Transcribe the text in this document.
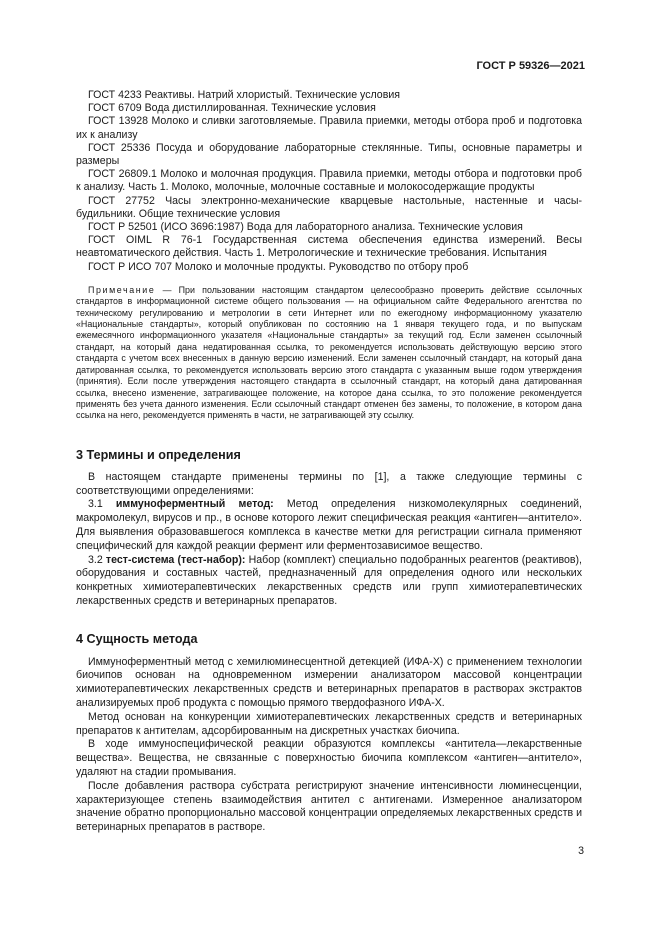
ГОСТ Р 59326—2021

ГОСТ 4233 Реактивы. Натрий хлористый. Технические условия

ГОСТ 6709 Вода дистиллированная. Технические условия

ГОСТ 13928 Молоко и сливки заготовляемые. Правила приемки, методы отбора проб и подготовка их к анализу

ГОСТ 25336 Посуда и оборудование лабораторные стеклянные. Типы, основные параметры и размеры

ГОСТ 26809.1 Молоко и молочная продукция. Правила приемки, методы отбора и подготовки проб к анализу. Часть 1. Молоко, молочные, молочные составные и молокосодержащие продукты

ГОСТ 27752 Часы электронно-механические кварцевые настольные, настенные и часы-будильники. Общие технические условия

ГОСТ Р 52501 (ИСО 3696:1987) Вода для лабораторного анализа. Технические условия

ГОСТ OIML R 76-1 Государственная система обеспечения единства измерений. Весы неавтоматического действия. Часть 1. Метрологические и технические требования. Испытания

ГОСТ Р ИСО 707 Молоко и молочные продукты. Руководство по отбору проб

Примечание — При пользовании настоящим стандартом целесообразно проверить действие ссылочных стандартов в информационной системе общего пользования — на официальном сайте Федерального агентства по техническому регулированию и метрологии в сети Интернет или по ежегодному информационному указателю «Национальные стандарты», который опубликован по состоянию на 1 января текущего года, и по выпускам ежемесячного информационного указателя «Национальные стандарты» за текущий год. Если заменен ссылочный стандарт, на который дана недатированная ссылка, то рекомендуется использовать действующую версию этого стандарта с учетом всех внесенных в данную версию изменений. Если заменен ссылочный стандарт, на который дана датированная ссылка, то рекомендуется использовать версию этого стандарта с указанным выше годом утверждения (принятия). Если после утверждения настоящего стандарта в ссылочный стандарт, на который дана датированная ссылка, внесено изменение, затрагивающее положение, на которое дана ссылка, то это положение рекомендуется применять без учета данного изменения. Если ссылочный стандарт отменен без замены, то положение, в котором дана ссылка на него, рекомендуется применять в части, не затрагивающей эту ссылку.

3 Термины и определения

В настоящем стандарте применены термины по [1], а также следующие термины с соответствующими определениями:

3.1 иммуноферментный метод: Метод определения низкомолекулярных соединений, макромолекул, вирусов и пр., в основе которого лежит специфическая реакция «антиген—антитело». Для выявления образовавшегося комплекса в качестве метки для регистрации сигнала применяют специфический для каждой реакции фермент или ферментозависимое вещество.

3.2 тест-система (тест-набор): Набор (комплект) специально подобранных реагентов (реактивов), оборудования и составных частей, предназначенный для определения одного или нескольких конкретных химиотерапевтических лекарственных средств или групп химиотерапевтических лекарственных средств и ветеринарных препаратов.

4 Сущность метода

Иммуноферментный метод с хемилюминесцентной детекцией (ИФА-Х) с применением технологии биочипов основан на одновременном измерении анализатором массовой концентрации химиотерапевтических лекарственных средств и ветеринарных препаратов в растворах экстрактов анализируемых проб продукта с помощью прямого твердофазного ИФА-Х.

Метод основан на конкуренции химиотерапевтических лекарственных средств и ветеринарных препаратов к антителам, адсорбированным на дискретных участках биочипа.

В ходе иммуноспецифической реакции образуются комплексы «антитела—лекарственные вещества». Вещества, не связанные с поверхностью биочипа комплексом «антиген—антитело», удаляют на стадии промывания.

После добавления раствора субстрата регистрируют значение интенсивности люминесценции, характеризующее степень взаимодействия антител с антигенами. Измеренное анализатором значение обратно пропорционально массовой концентрации определяемых лекарственных средств и ветеринарных препаратов в растворе.

3
